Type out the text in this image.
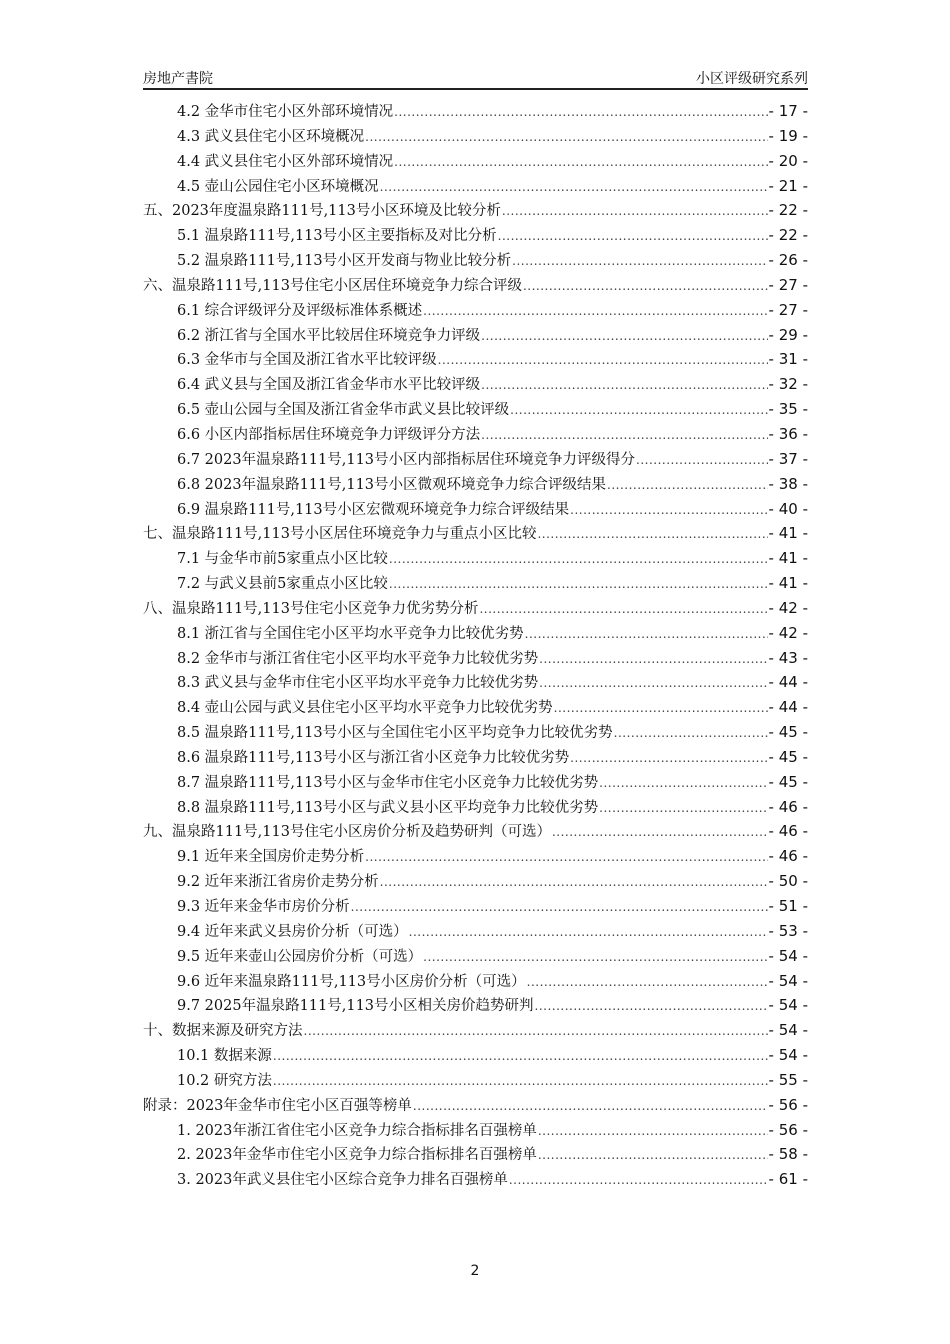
房地产書院	小区评级研究系列
4.2 金华市住宅小区外部环境情况 .....	- 17 -
4.3 武义县住宅小区环境概况 .....	- 19 -
4.4 武义县住宅小区外部环境情况 .....	- 20 -
4.5 壶山公园住宅小区环境概况 .....	- 21 -
五、2023年度温泉路111号,113号小区环境及比较分析 .....	- 22 -
5.1 温泉路111号,113号小区主要指标及对比分析 .....	- 22 -
5.2 温泉路111号,113号小区开发商与物业比较分析 .....	- 26 -
六、温泉路111号,113号住宅小区居住环境竞争力综合评级 .....	- 27 -
6.1 综合评级评分及评级标准体系概述 .....	- 27 -
6.2 浙江省与全国水平比较居住环境竞争力评级 .....	- 29 -
6.3 金华市与全国及浙江省水平比较评级 .....	- 31 -
6.4 武义县与全国及浙江省金华市水平比较评级 .....	- 32 -
6.5 壶山公园与全国及浙江省金华市武义县比较评级 .....	- 35 -
6.6 小区内部指标居住环境竞争力评级评分方法 .....	- 36 -
6.7 2023年温泉路111号,113号小区内部指标居住环境竞争力评级得分 .....	- 37 -
6.8 2023年温泉路111号,113号小区微观环境竞争力综合评级结果 .....	- 38 -
6.9 温泉路111号,113号小区宏微观环境竞争力综合评级结果 .....	- 40 -
七、温泉路111号,113号小区居住环境竞争力与重点小区比较 .....	- 41 -
7.1 与金华市前5家重点小区比较 .....	- 41 -
7.2 与武义县前5家重点小区比较 .....	- 41 -
八、温泉路111号,113号住宅小区竞争力优劣势分析 .....	- 42 -
8.1 浙江省与全国住宅小区平均水平竞争力比较优劣势 .....	- 42 -
8.2 金华市与浙江省住宅小区平均水平竞争力比较优劣势 .....	- 43 -
8.3 武义县与金华市住宅小区平均水平竞争力比较优劣势 .....	- 44 -
8.4 壶山公园与武义县住宅小区平均水平竞争力比较优劣势 .....	- 44 -
8.5 温泉路111号,113号小区与全国住宅小区平均竞争力比较优劣势 .....	- 45 -
8.6 温泉路111号,113号小区与浙江省小区竞争力比较优劣势 .....	- 45 -
8.7 温泉路111号,113号小区与金华市住宅小区竞争力比较优劣势 .....	- 45 -
8.8 温泉路111号,113号小区与武义县小区平均竞争力比较优劣势 .....	- 46 -
九、温泉路111号,113号住宅小区房价分析及趋势研判（可选） .....	- 46 -
9.1 近年来全国房价走势分析 .....	- 46 -
9.2 近年来浙江省房价走势分析 .....	- 50 -
9.3 近年来金华市房价分析 .....	- 51 -
9.4 近年来武义县房价分析（可选） .....	- 53 -
9.5 近年来壶山公园房价分析（可选） .....	- 54 -
9.6 近年来温泉路111号,113号小区房价分析（可选） .....	- 54 -
9.7 2025年温泉路111号,113号小区相关房价趋势研判 .....	- 54 -
十、数据来源及研究方法 .....	- 54 -
10.1 数据来源 .....	- 54 -
10.2 研究方法 .....	- 55 -
附录：2023年金华市住宅小区百强等榜单 .....	- 56 -
1. 2023年浙江省住宅小区竞争力综合指标排名百强榜单 .....	- 56 -
2. 2023年金华市住宅小区竞争力综合指标排名百强榜单 .....	- 58 -
3. 2023年武义县住宅小区综合竞争力排名百强榜单 .....	- 61 -
2
